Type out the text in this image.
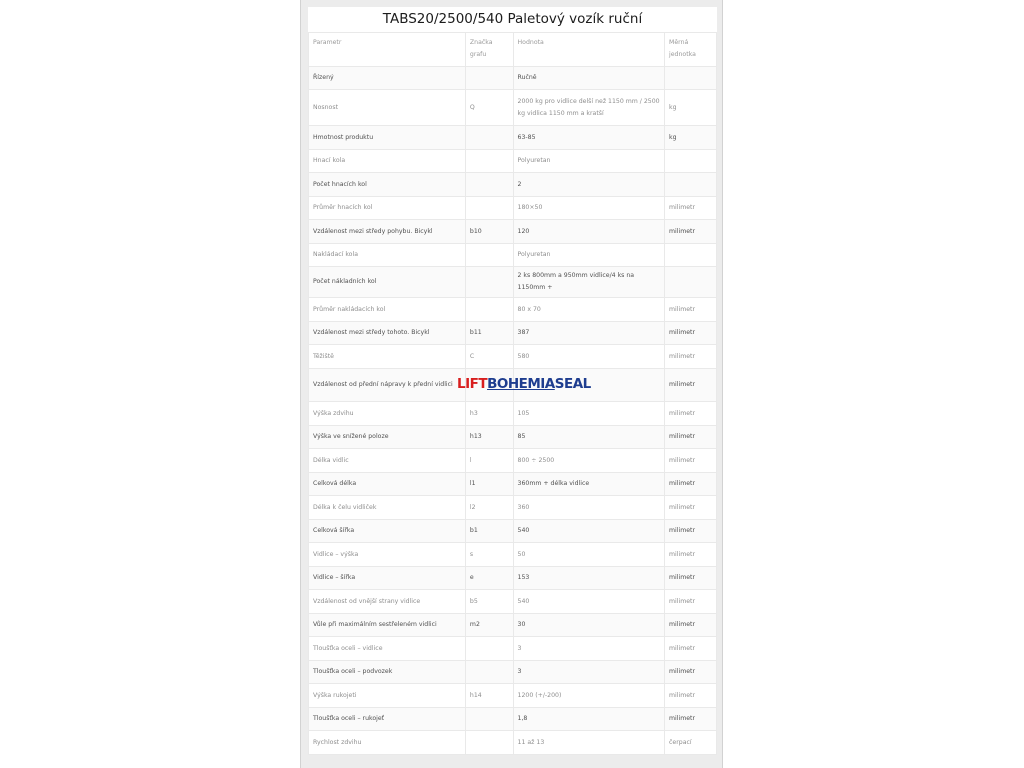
TABS20/2500/540 Paletový vozík ruční
Parametr	Značka grafu	Hodnota	Měrná jednotka
Řízený		Ručně	
Nosnost	Q	2000 kg pro vidlice delší než 1150 mm / 2500 kg vidlica 1150 mm a kratší	kg
Hmotnost produktu		63-85	kg
Hnací kola		Polyuretan	
Počet hnacích kol		2	
Průměr hnacích kol		180×50	milimetr
Vzdálenost mezi středy pohybu. Bicykl	b10	120	milimetr
Nakládací kola		Polyuretan	
Počet nákladních kol		2 ks 800mm a 950mm vidlice/4 ks na 1150mm +	
Průměr nakládacích kol		80 x 70	milimetr
Vzdálenost mezi středy tohoto. Bicykl	b11	387	milimetr
Těžiště	C	580	milimetr
Vzdálenost od přední nápravy k přední vidlici			milimetr
Výška zdvihu	h3	105	milimetr
Výška ve snížené poloze	h13	85	milimetr
Délka vidlic	l	800 ÷ 2500	milimetr
Celková délka	l1	360mm + délka vidlice	milimetr
Délka k čelu vidliček	l2	360	milimetr
Celková šířka	b1	540	milimetr
Vidlice – výška	s	50	milimetr
Vidlice – šířka	e	153	milimetr
Vzdálenost od vnější strany vidlice	b5	540	milimetr
Vůle při maximálním sestřeleném vidlici	m2	30	milimetr
Tloušťka oceli – vidlice		3	milimetr
Tloušťka oceli – podvozek		3	milimetr
Výška rukojeti	h14	1200 (+/-200)	milimetr
Tloušťka oceli – rukojeť		1,8	milimetr
Rychlost zdvihu		11 až 13	čerpací
LIFTBOHEMIASEAL
